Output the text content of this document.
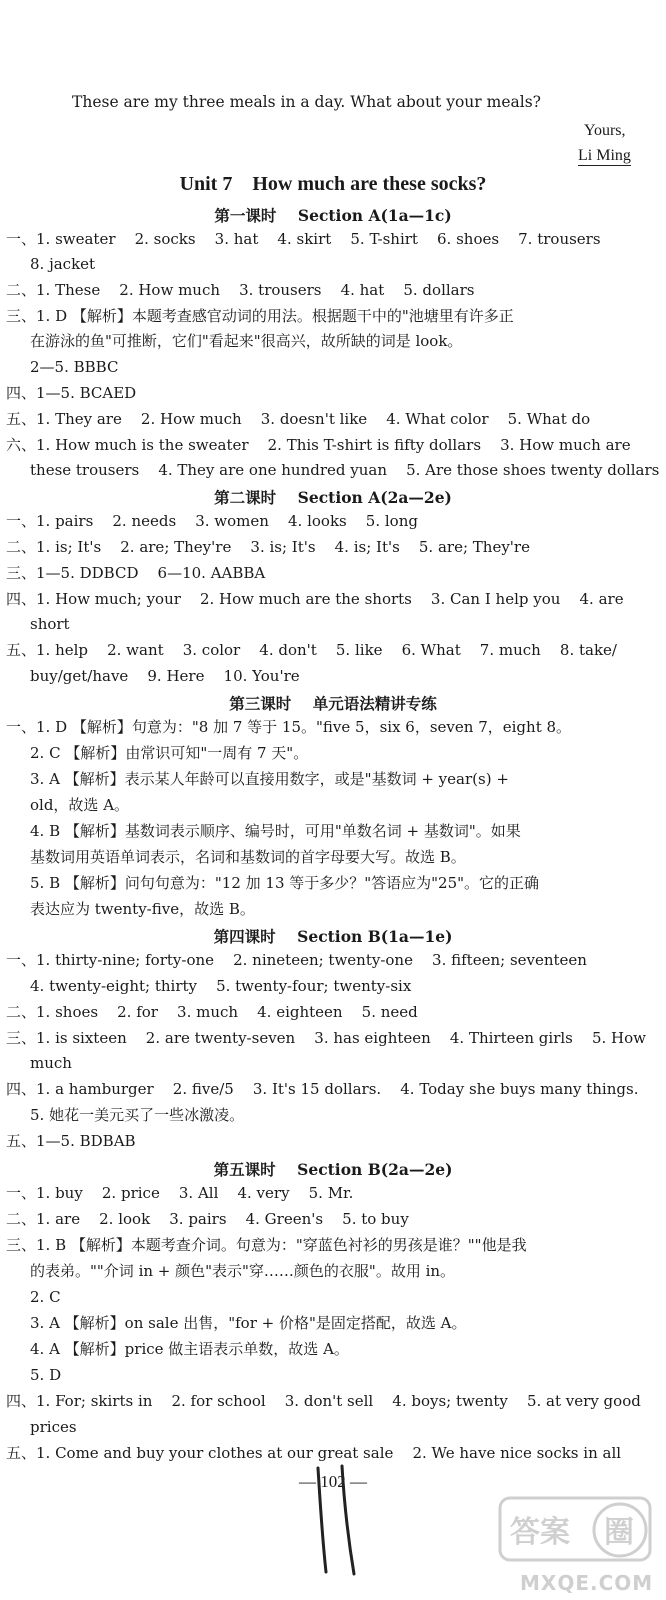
These are my three meals in a day. What about your meals?
Yours,
Li Ming
Unit 7    How much are these socks?
第一课时    Section A(1a—1c)
一、1. sweater    2. socks    3. hat    4. skirt    5. T-shirt    6. shoes    7. trousers
8. jacket
二、1. These    2. How much    3. trousers    4. hat    5. dollars
三、1. D 【解析】本题考查感官动词的用法。根据题干中的"池塘里有许多正
在游泳的鱼"可推断，它们"看起来"很高兴，故所缺的词是 look。
2—5. BBBC
四、1—5. BCAED
五、1. They are    2. How much    3. doesn't like    4. What color    5. What do
六、1. How much is the sweater    2. This T-shirt is fifty dollars    3. How much are
these trousers    4. They are one hundred yuan    5. Are those shoes twenty dollars
第二课时    Section A(2a—2e)
一、1. pairs    2. needs    3. women    4. looks    5. long
二、1. is; It's    2. are; They're    3. is; It's    4. is; It's    5. are; They're
三、1—5. DDBCD    6—10. AABBA
四、1. How much; your    2. How much are the shorts    3. Can I help you    4. are
short
五、1. help    2. want    3. color    4. don't    5. like    6. What    7. much    8. take/
buy/get/have    9. Here    10. You're
第三课时    单元语法精讲专练
一、1. D 【解析】句意为："8 加 7 等于 15。"five 5，six 6，seven 7，eight 8。
2. C 【解析】由常识可知"一周有 7 天"。
3. A 【解析】表示某人年龄可以直接用数字，或是"基数词 + year(s) +
old，故选 A。
4. B 【解析】基数词表示顺序、编号时，可用"单数名词 + 基数词"。如果
基数词用英语单词表示，名词和基数词的首字母要大写。故选 B。
5. B 【解析】问句句意为："12 加 13 等于多少？"答语应为"25"。它的正确
表达应为 twenty-five，故选 B。
第四课时    Section B(1a—1e)
一、1. thirty-nine; forty-one    2. nineteen; twenty-one    3. fifteen; seventeen
4. twenty-eight; thirty    5. twenty-four; twenty-six
二、1. shoes    2. for    3. much    4. eighteen    5. need
三、1. is sixteen    2. are twenty-seven    3. has eighteen    4. Thirteen girls    5. How
much
四、1. a hamburger    2. five/5    3. It's 15 dollars.    4. Today she buys many things.
5. 她花一美元买了一些冰激凌。
五、1—5. BDBAB
第五课时    Section B(2a—2e)
一、1. buy    2. price    3. All    4. very    5. Mr.
二、1. are    2. look    3. pairs    4. Green's    5. to buy
三、1. B 【解析】本题考查介词。句意为："穿蓝色衬衫的男孩是谁？""他是我
的表弟。""介词 in + 颜色"表示"穿……颜色的衣服"。故用 in。
2. C
3. A 【解析】on sale 出售，"for + 价格"是固定搭配，故选 A。
4. A 【解析】price 做主语表示单数，故选 A。
5. D
四、1. For; skirts in    2. for school    3. don't sell    4. boys; twenty    5. at very good
prices
五、1. Come and buy your clothes at our great sale    2. We have nice socks in all
— 102 —
答案 圈
MXQE.COM
